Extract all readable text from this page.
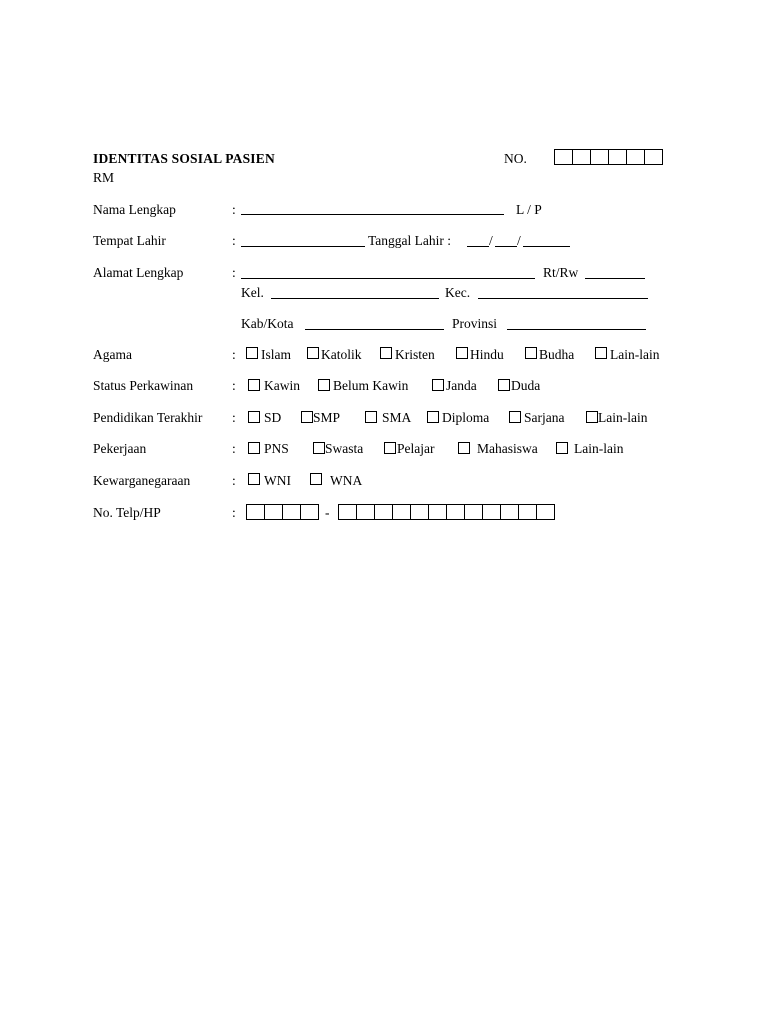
IDENTITAS SOSIAL PASIEN	NO.
RM
Nama Lengkap	:	L / P
Tempat Lahir	:	Tanggal Lahir :	/ /
Alamat Lengkap	:	Rt/Rw
Kel.	Kec.
Kab/Kota	Provinsi
Agama	: Islam Katolik Kristen	Hindu	Budha	Lain-lain
Status Perkawinan	: Kawin Belum Kawin	Janda	Duda
Pendidikan Terakhir : SD SMP	SMA Diploma	Sarjana Lain-lain
Pekerjaan	: PNS	Swasta	Pelajar	Mahasiswa	Lain-lain
Kewarganegaraan	: WNI	WNA
No. Telp/HP	:	-
